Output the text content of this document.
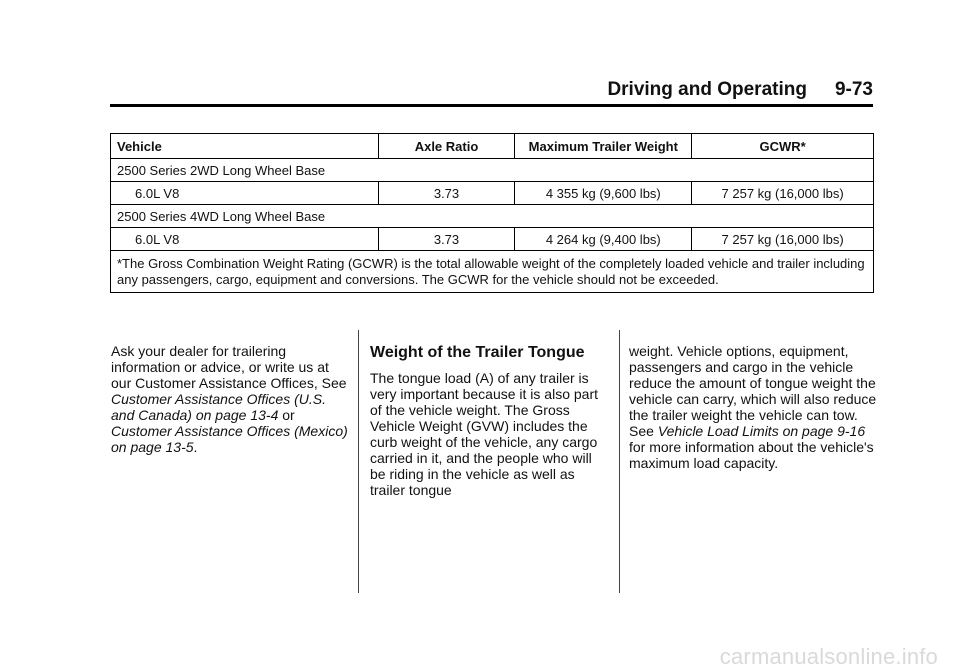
Driving and Operating 9-73
Vehicle	Axle Ratio	Maximum Trailer Weight	GCWR*
2500 Series 2WD Long Wheel Base			
6.0L V8	3.73	4 355 kg (9,600 lbs)	7 257 kg (16,000 lbs)
2500 Series 4WD Long Wheel Base			
6.0L V8	3.73	4 264 kg (9,400 lbs)	7 257 kg (16,000 lbs)
*The Gross Combination Weight Rating (GCWR) is the total allowable weight of the completely loaded vehicle and trailer including any passengers, cargo, equipment and conversions. The GCWR for the vehicle should not be exceeded.			

Ask your dealer for trailering information or advice, or write us at our Customer Assistance Offices, See Customer Assistance Offices (U.S. and Canada) on page 13-4 or Customer Assistance Offices (Mexico) on page 13-5.

Weight of the Trailer Tongue

The tongue load (A) of any trailer is very important because it is also part of the vehicle weight. The Gross Vehicle Weight (GVW) includes the curb weight of the vehicle, any cargo carried in it, and the people who will be riding in the vehicle as well as trailer tongue

weight. Vehicle options, equipment, passengers and cargo in the vehicle reduce the amount of tongue weight the vehicle can carry, which will also reduce the trailer weight the vehicle can tow. See Vehicle Load Limits on page 9-16 for more information about the vehicle's maximum load capacity.

carmanualsonline.info
